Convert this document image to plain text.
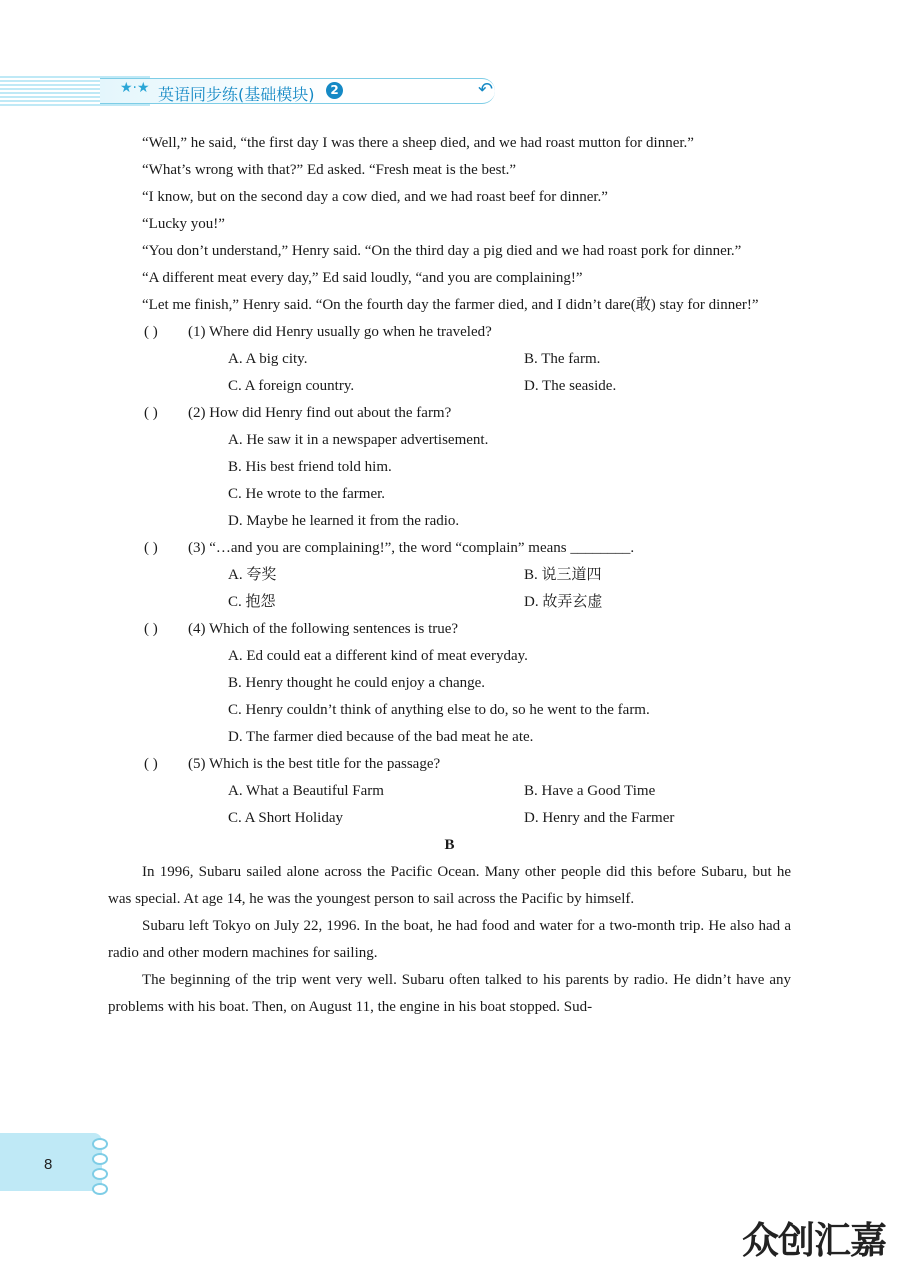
★·★ 英语同步练(基础模块)	2	↶

“Well,” he said, “the first day I was there a sheep died, and we had roast mutton for dinner.”

“What’s wrong with that?” Ed asked. “Fresh meat is the best.”

“I know, but on the second day a cow died, and we had roast beef for dinner.”

“Lucky you!”

“You don’t understand,” Henry said. “On the third day a pig died and we had roast pork for dinner.”

“A different meat every day,” Ed said loudly, “and you are complaining!”

“Let me finish,” Henry said. “On the fourth day the farmer died, and I didn’t dare(敢) stay for dinner!”

( ) (1) Where did Henry usually go when he traveled?
A. A big city.	B. The farm.
C. A foreign country.	D. The seaside.
( ) (2) How did Henry find out about the farm?
A. He saw it in a newspaper advertisement.
B. His best friend told him.
C. He wrote to the farmer.
D. Maybe he learned it from the radio.
( ) (3) “…and you are complaining!”, the word “complain” means ________.
A. 夸奖	B. 说三道四
C. 抱怨	D. 故弄玄虚
( ) (4) Which of the following sentences is true?
A. Ed could eat a different kind of meat everyday.
B. Henry thought he could enjoy a change.
C. Henry couldn’t think of anything else to do, so he went to the farm.
D. The farmer died because of the bad meat he ate.
( ) (5) Which is the best title for the passage?
A. What a Beautiful Farm	B. Have a Good Time
C. A Short Holiday	D. Henry and the Farmer
B

In 1996, Subaru sailed alone across the Pacific Ocean. Many other people did this before Subaru, but he was special. At age 14, he was the youngest person to sail across the Pacific by himself.

Subaru left Tokyo on July 22, 1996. In the boat, he had food and water for a two-month trip. He also had a radio and other modern machines for sailing.

The beginning of the trip went very well. Subaru often talked to his parents by radio. He didn’t have any problems with his boat. Then, on August 11, the engine in his boat stopped. Sud-

8
众创汇嘉
